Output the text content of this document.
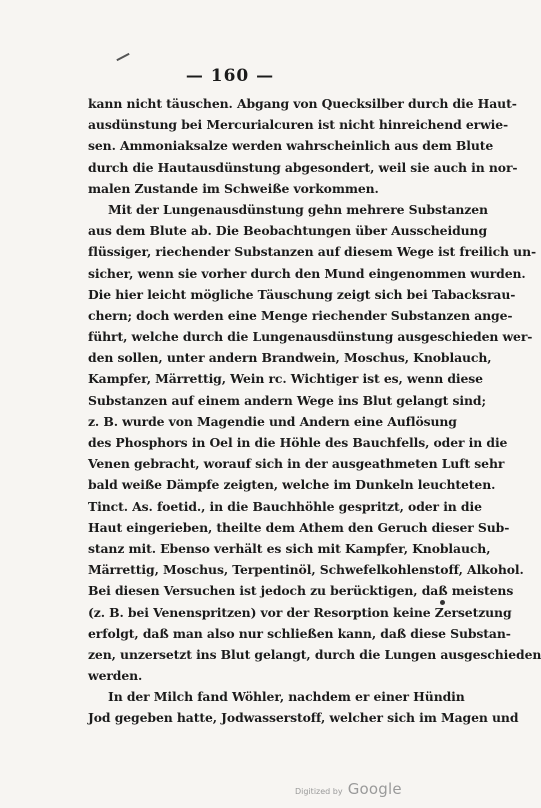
— 160 —
kann nicht täuschen. Abgang von Quecksilber durch die Haut-
ausdünstung bei Mercurialcuren ist nicht hinreichend erwie-
sen. Ammoniaksalze werden wahrscheinlich aus dem Blute
durch die Hautausdünstung abgesondert, weil sie auch in nor-
malen Zustande im Schweiße vorkommen.
Mit der Lungenausdünstung gehn mehrere Substanzen
aus dem Blute ab. Die Beobachtungen über Ausscheidung
flüssiger, riechender Substanzen auf diesem Wege ist freilich un-
sicher, wenn sie vorher durch den Mund eingenommen wurden.
Die hier leicht mögliche Täuschung zeigt sich bei Tabacksrau-
chern; doch werden eine Menge riechender Substanzen ange-
führt, welche durch die Lungenausdünstung ausgeschieden wer-
den sollen, unter andern Brandwein, Moschus, Knoblauch,
Kampfer, Märrettig, Wein rc. Wichtiger ist es, wenn diese
Substanzen auf einem andern Wege ins Blut gelangt sind;
z. B. wurde von Magendie und Andern eine Auflösung
des Phosphors in Oel in die Höhle des Bauchfells, oder in die
Venen gebracht, worauf sich in der ausgeathmeten Luft sehr
bald weiße Dämpfe zeigten, welche im Dunkeln leuchteten.
Tinct. As. foetid., in die Bauchhöhle gespritzt, oder in die
Haut eingerieben, theilte dem Athem den Geruch dieser Sub-
stanz mit. Ebenso verhält es sich mit Kampfer, Knoblauch,
Märrettig, Moschus, Terpentinöl, Schwefelkohlenstoff, Alkohol.
Bei diesen Versuchen ist jedoch zu berücktigen, daß meistens
(z. B. bei Venenspritzen) vor der Resorption keine Zersetzung
erfolgt, daß man also nur schließen kann, daß diese Substan-
zen, unzersetzt ins Blut gelangt, durch die Lungen ausgeschieden
werden.
In der Milch fand Wöhler, nachdem er einer Hündin
Jod gegeben hatte, Jodwasserstoff, welcher sich im Magen und
Digitized by Google
